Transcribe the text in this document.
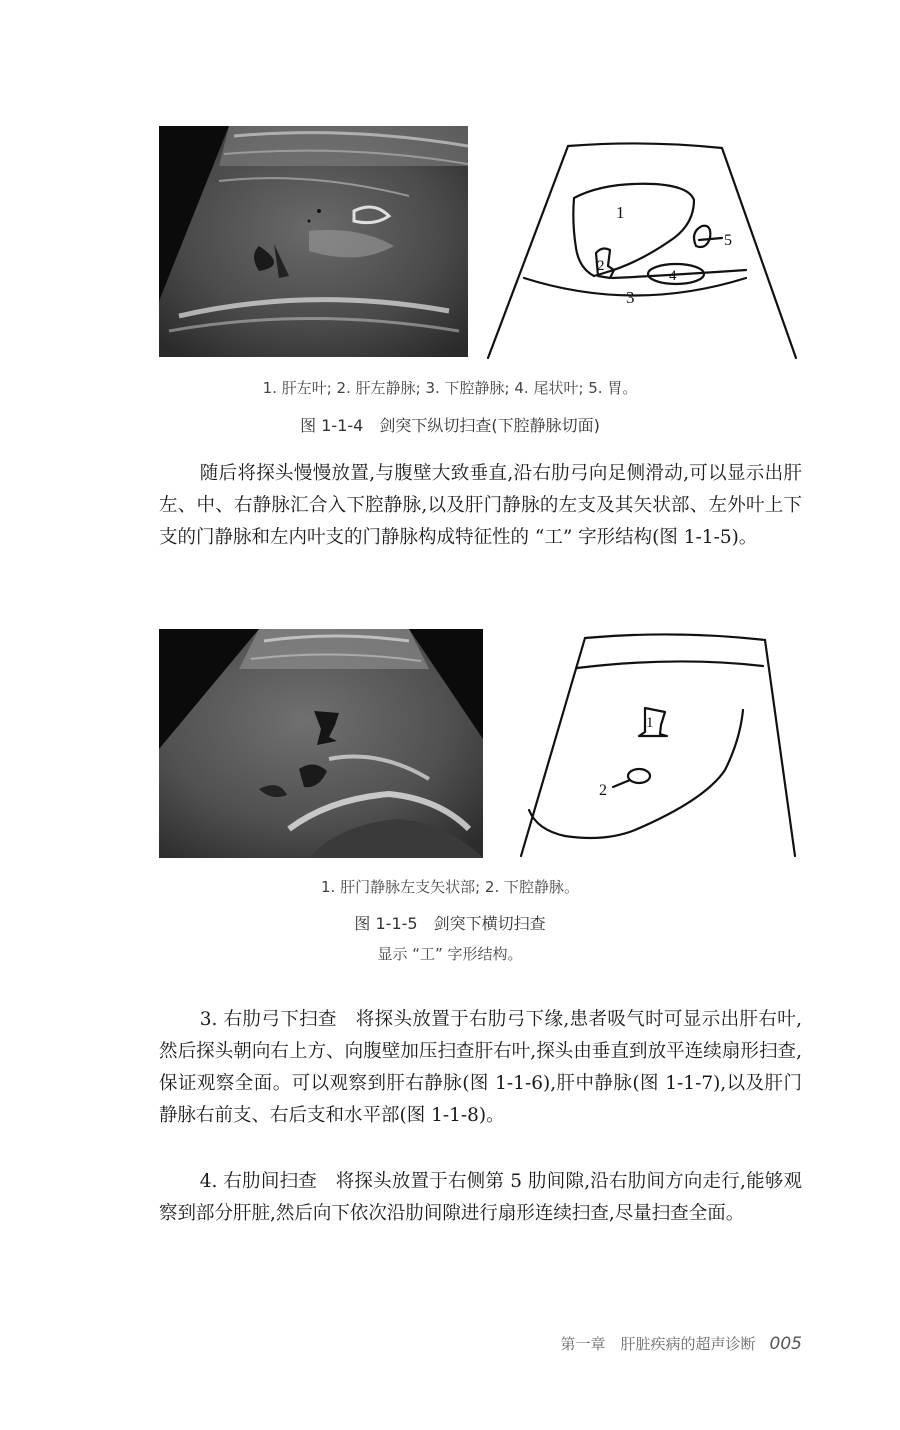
1
2
3
4
5
1. 肝左叶; 2. 肝左静脉; 3. 下腔静脉; 4. 尾状叶; 5. 胃。
图 1-1-4　剑突下纵切扫查(下腔静脉切面)

随后将探头慢慢放置,与腹壁大致垂直,沿右肋弓向足侧滑动,可以显示出肝左、中、右静脉汇合入下腔静脉,以及肝门静脉的左支及其矢状部、左外叶上下支的门静脉和左内叶支的门静脉构成特征性的 “工” 字形结构(图 1-1-5)。

1
2
1. 肝门静脉左支矢状部; 2. 下腔静脉。
图 1-1-5　剑突下横切扫查
显示 “工” 字形结构。

3. 右肋弓下扫查　将探头放置于右肋弓下缘,患者吸气时可显示出肝右叶,然后探头朝向右上方、向腹壁加压扫查肝右叶,探头由垂直到放平连续扇形扫查,保证观察全面。可以观察到肝右静脉(图 1-1-6),肝中静脉(图 1-1-7),以及肝门静脉右前支、右后支和水平部(图 1-1-8)。

4. 右肋间扫查　将探头放置于右侧第 5 肋间隙,沿右肋间方向走行,能够观察到部分肝脏,然后向下依次沿肋间隙进行扇形连续扫查,尽量扫查全面。

第一章　肝脏疾病的超声诊断 005
